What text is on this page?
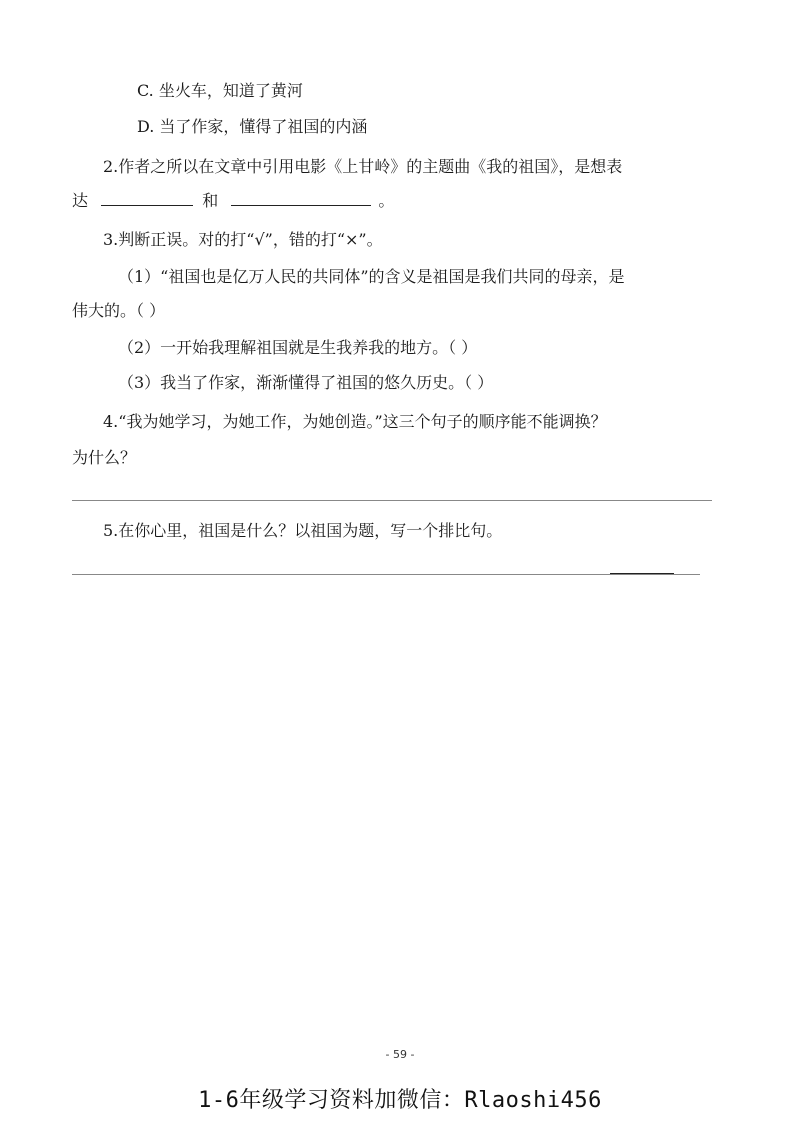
C. 坐火车，知道了黄河
D. 当了作家，懂得了祖国的内涵
2.作者之所以在文章中引用电影《上甘岭》的主题曲《我的祖国》，是想表
达	和	。
3.判断正误。对的打“√”，错的打“×”。
（1）“祖国也是亿万人民的共同体”的含义是祖国是我们共同的母亲，是
伟大的。（ ）
（2）一开始我理解祖国就是生我养我的地方。（ ）
（3）我当了作家，渐渐懂得了祖国的悠久历史。（ ）
4.“我为她学习，为她工作，为她创造。”这三个句子的顺序能不能调换？
为什么？
5.在你心里，祖国是什么？以祖国为题，写一个排比句。
- 59 -
1-6年级学习资料加微信：Rlaoshi456
